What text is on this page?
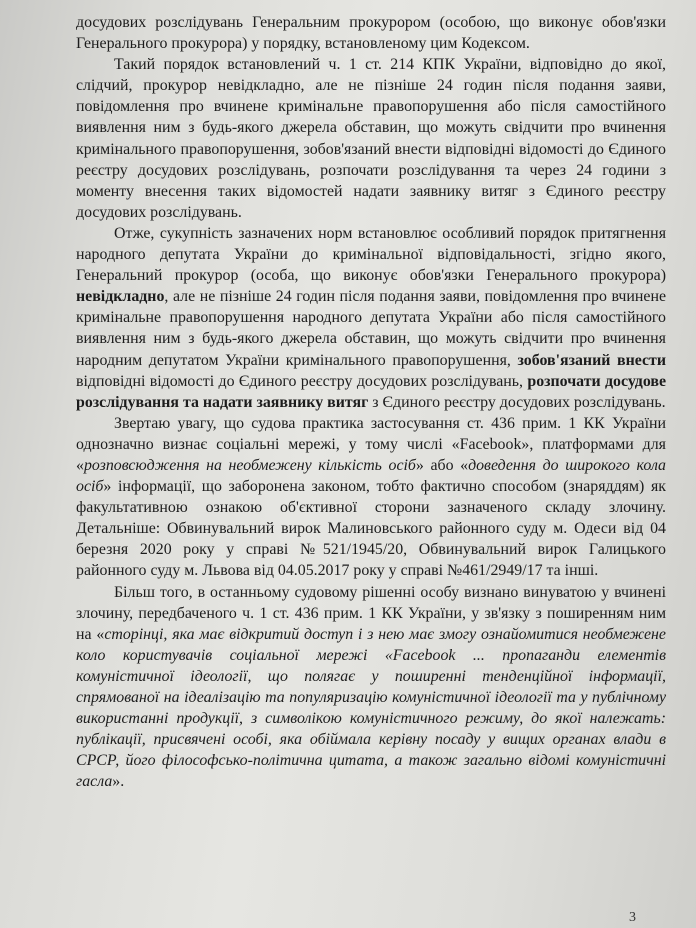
досудових розслідувань Генеральним прокурором (особою, що виконує обов'язки Генерального прокурора) у порядку, встановленому цим Кодексом.

Такий порядок встановлений ч. 1 ст. 214 КПК України, відповідно до якої, слідчий, прокурор невідкладно, але не пізніше 24 годин після подання заяви, повідомлення про вчинене кримінальне правопорушення або після самостійного виявлення ним з будь-якого джерела обставин, що можуть свідчити про вчинення кримінального правопорушення, зобов'язаний внести відповідні відомості до Єдиного реєстру досудових розслідувань, розпочати розслідування та через 24 години з моменту внесення таких відомостей надати заявнику витяг з Єдиного реєстру досудових розслідувань.

Отже, сукупність зазначених норм встановлює особливий порядок притягнення народного депутата України до кримінальної відповідальності, згідно якого, Генеральний прокурор (особа, що виконує обов'язки Генерального прокурора) невідкладно, але не пізніше 24 годин після подання заяви, повідомлення про вчинене кримінальне правопорушення народного депутата України або після самостійного виявлення ним з будь-якого джерела обставин, що можуть свідчити про вчинення народним депутатом України кримінального правопорушення, зобов'язаний внести відповідні відомості до Єдиного реєстру досудових розслідувань, розпочати досудове розслідування та надати заявнику витяг з Єдиного реєстру досудових розслідувань.

Звертаю увагу, що судова практика застосування ст. 436 прим. 1 КК України однозначно визнає соціальні мережі, у тому числі «Facebook», платформами для «розповсюдження на необмежену кількість осіб» або «доведення до широкого кола осіб» інформації, що заборонена законом, тобто фактично способом (знаряддям) як факультативною ознакою об'єктивної сторони зазначеного складу злочину. Детальніше: Обвинувальний вирок Малиновського районного суду м. Одеси від 04 березня 2020 року у справі №521/1945/20, Обвинувальний вирок Галицького районного суду м. Львова від 04.05.2017 року у справі №461/2949/17 та інші.

Більш того, в останньому судовому рішенні особу визнано винуватою у вчинені злочину, передбаченого ч. 1 ст. 436 прим. 1 КК України, у зв'язку з поширенням ним на «сторінці, яка має відкритий доступ і з нею має змогу ознайомитися необмежене коло користувачів соціальної мережі «Facebook ... пропаганди елементів комуністичної ідеології, що полягає у поширенні тенденційної інформації, спрямованої на ідеалізацію та популяризацію комуністичної ідеології та у публічному використанні продукції, з символікою комуністичного режиму, до якої належать: публікації, присвячені особі, яка обіймала керівну посаду у вищих органах влади в СРСР, його філософсько-політична цитата, а також загально відомі комуністичні гасла».

3
